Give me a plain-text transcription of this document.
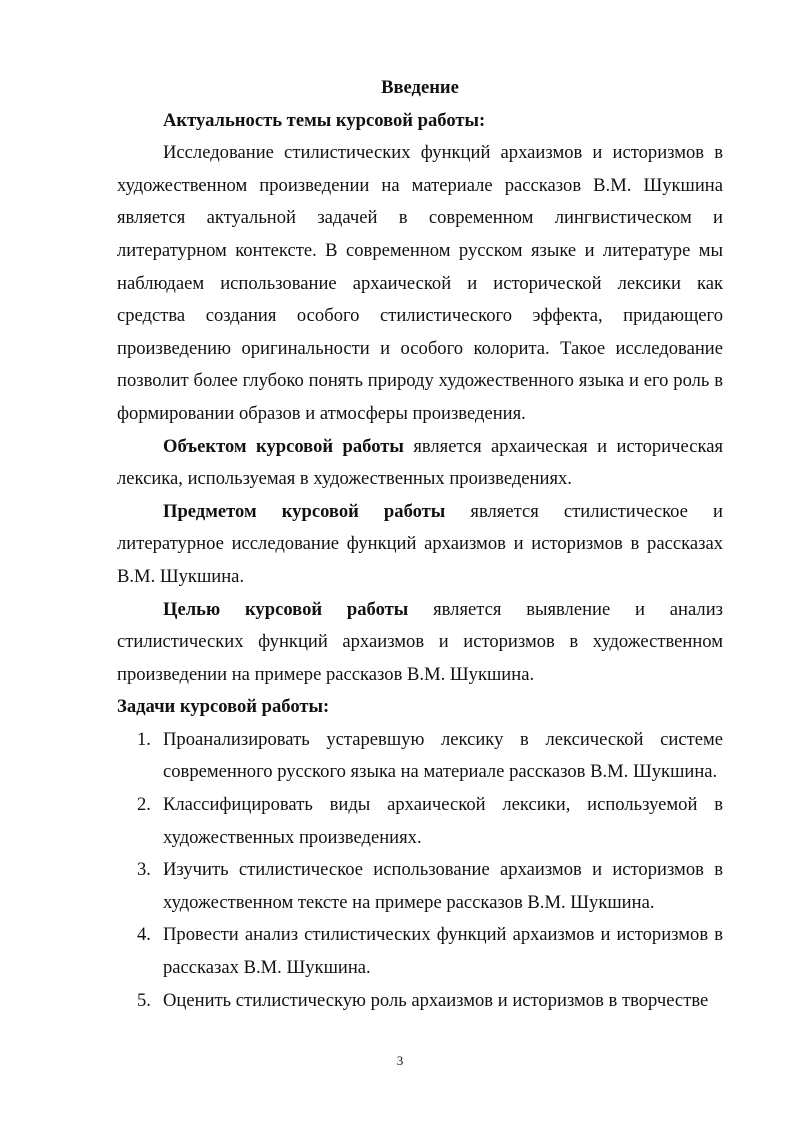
Введение

Актуальность темы курсовой работы:

Исследование стилистических функций архаизмов и историзмов в художественном произведении на материале рассказов В.М. Шукшина является актуальной задачей в современном лингвистическом и литературном контексте. В современном русском языке и литературе мы наблюдаем использование архаической и исторической лексики как средства создания особого стилистического эффекта, придающего произведению оригинальности и особого колорита. Такое исследование позволит более глубоко понять природу художественного языка и его роль в формировании образов и атмосферы произведения.

Объектом курсовой работы является архаическая и историческая лексика, используемая в художественных произведениях.

Предметом курсовой работы является стилистическое и литературное исследование функций архаизмов и историзмов в рассказах В.М. Шукшина.

Целью курсовой работы является выявление и анализ стилистических функций архаизмов и историзмов в художественном произведении на примере рассказов В.М. Шукшина.

Задачи курсовой работы:

1. Проанализировать устаревшую лексику в лексической системе современного русского языка на материале рассказов В.М. Шукшина.
2. Классифицировать виды архаической лексики, используемой в художественных произведениях.
3. Изучить стилистическое использование архаизмов и историзмов в художественном тексте на примере рассказов В.М. Шукшина.
4. Провести анализ стилистических функций архаизмов и историзмов в рассказах В.М. Шукшина.
5. Оценить стилистическую роль архаизмов и историзмов в творчестве
3
